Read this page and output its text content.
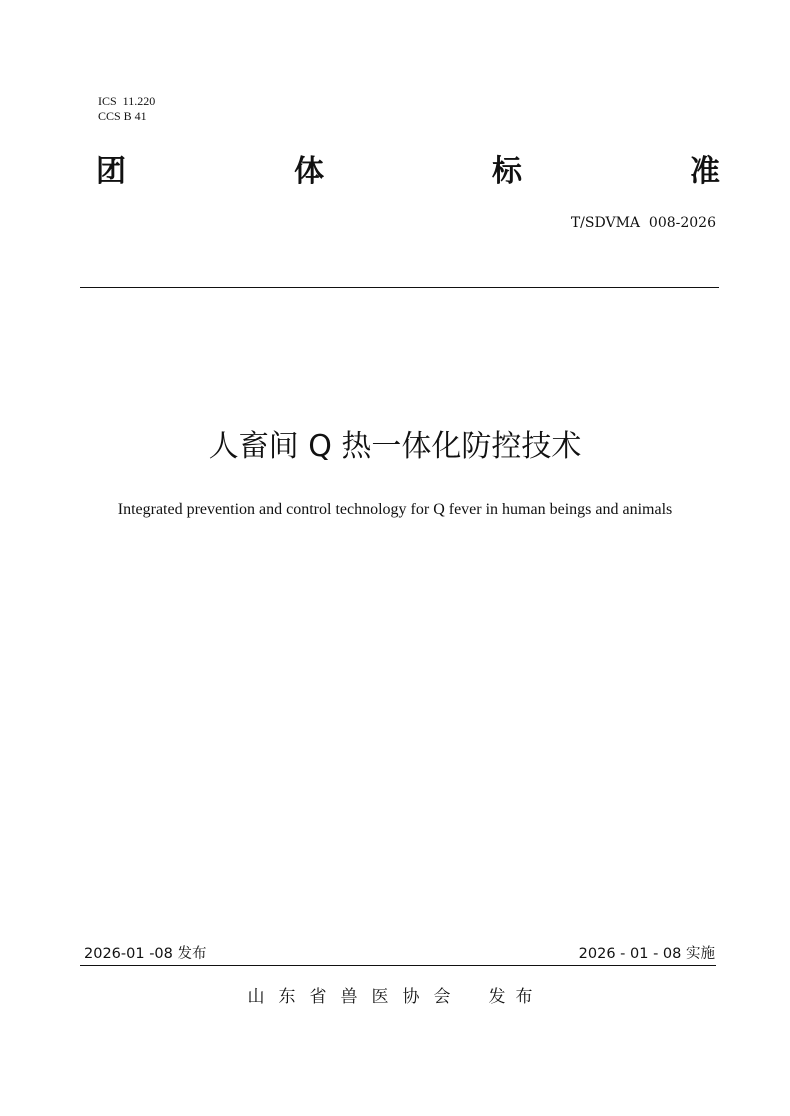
ICS  11.220
CCS B 41
团	体	标	准
T/SDVMA  008-2026
人畜间 Q 热一体化防控技术
Integrated prevention and control technology for Q fever in human beings and animals
2026-01 -08 发布	2026 - 01 - 08 实施
山东省兽医协会 发布
